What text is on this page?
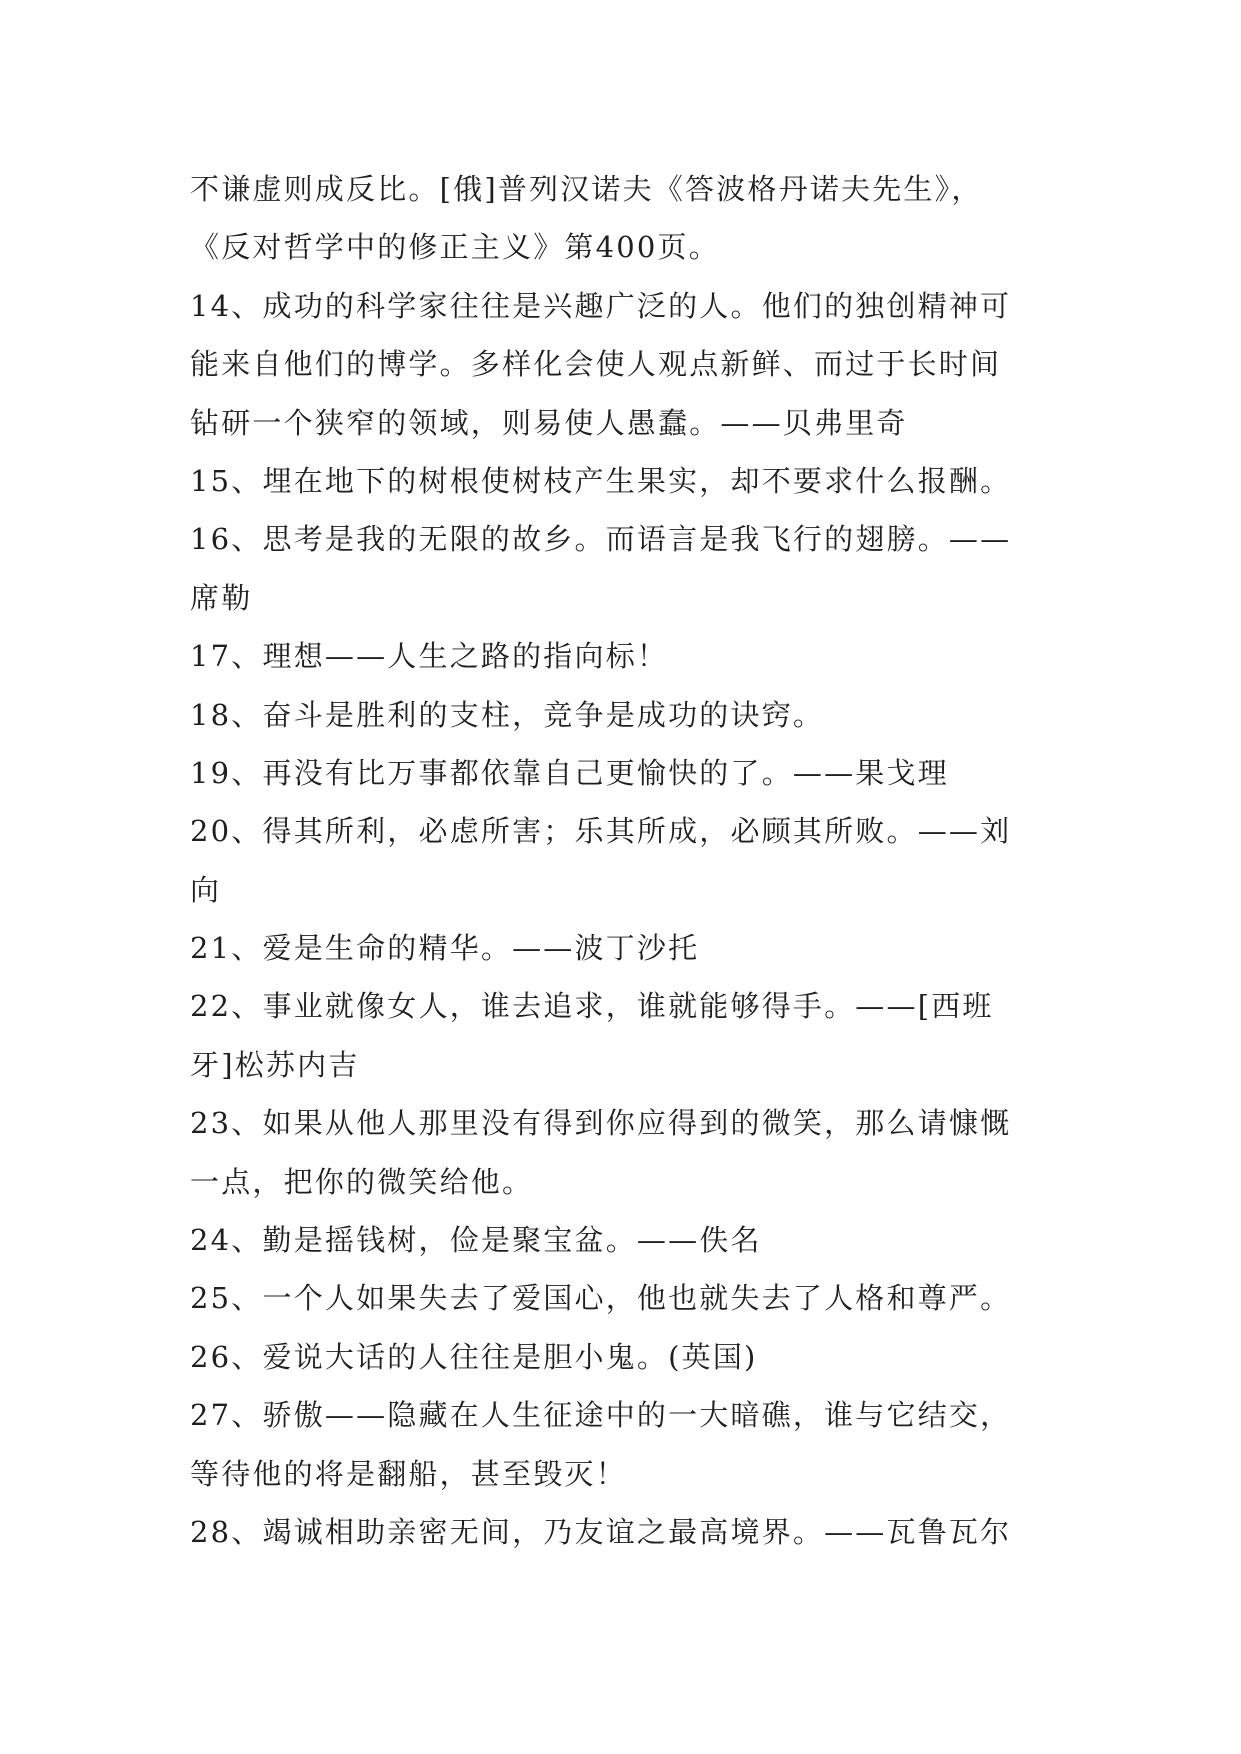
不谦虚则成反比。[俄]普列汉诺夫《答波格丹诺夫先生》，
《反对哲学中的修正主义》第400页。
14、成功的科学家往往是兴趣广泛的人。他们的独创精神可
能来自他们的博学。多样化会使人观点新鲜、而过于长时间
钻研一个狭窄的领域，则易使人愚蠢。——贝弗里奇
15、埋在地下的树根使树枝产生果实，却不要求什么报酬。
16、思考是我的无限的故乡。而语言是我飞行的翅膀。——
席勒
17、理想——人生之路的指向标！
18、奋斗是胜利的支柱，竞争是成功的诀窍。
19、再没有比万事都依靠自己更愉快的了。——果戈理
20、得其所利，必虑所害；乐其所成，必顾其所败。——刘
向
21、爱是生命的精华。——波丁沙托
22、事业就像女人，谁去追求，谁就能够得手。——[西班
牙]松苏内吉
23、如果从他人那里没有得到你应得到的微笑，那么请慷慨
一点，把你的微笑给他。
24、勤是摇钱树，俭是聚宝盆。——佚名
25、一个人如果失去了爱国心，他也就失去了人格和尊严。
26、爱说大话的人往往是胆小鬼。(英国)
27、骄傲——隐藏在人生征途中的一大暗礁，谁与它结交，
等待他的将是翻船，甚至毁灭！
28、竭诚相助亲密无间，乃友谊之最高境界。——瓦鲁瓦尔
